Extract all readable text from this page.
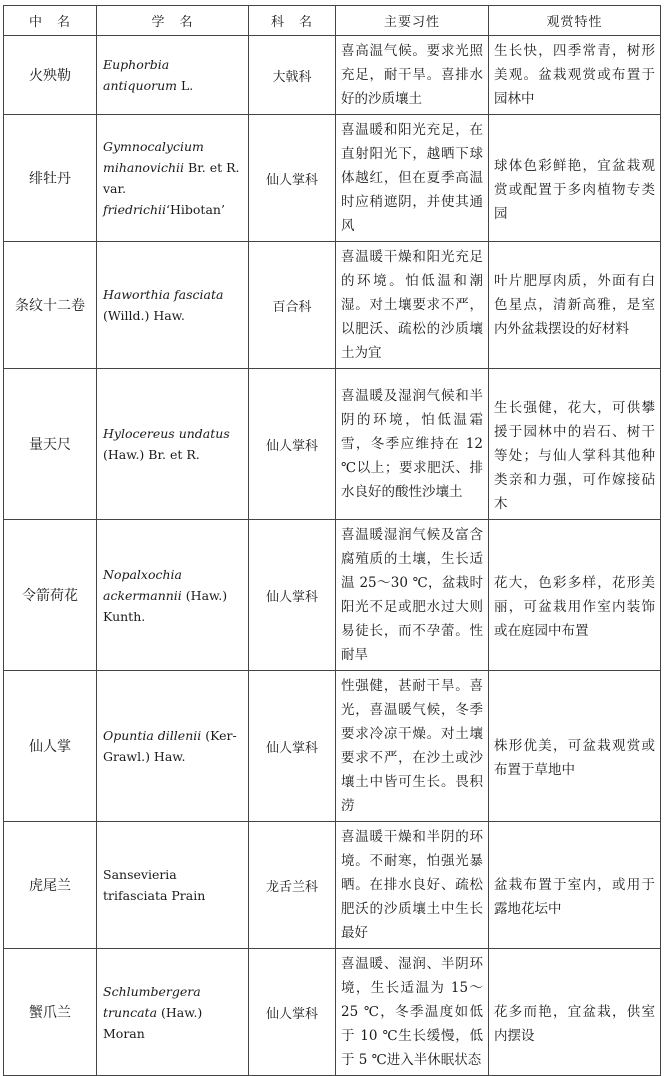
中　名	学　名	科　名	主要习性	观赏特性
火殃勒	Euphorbia antiquorum L.	大戟科	喜高温气候。要求光照充足，耐干旱。喜排水好的沙质壤土	生长快，四季常青，树形美观。盆栽观赏或布置于园林中
绯牡丹	Gymnocalycium mihanovichii Br. et R. var. friedrichii‘Hibotan’	仙人掌科	喜温暖和阳光充足，在直射阳光下，越晒下球体越红，但在夏季高温时应稍遮阴，并使其通风	球体色彩鲜艳，宜盆栽观赏或配置于多肉植物专类园

条纹十二卷	Haworthia fasciata (Willd.) Haw.	百合科	喜温暖干燥和阳光充足的环境。怕低温和潮湿。对土壤要求不严，以肥沃、疏松的沙质壤土为宜	叶片肥厚肉质，外面有白色星点，清新高雅，是室内外盆栽摆设的好材料
量天尺	Hylocereus undatus (Haw.) Br. et R.	仙人掌科	喜温暖及湿润气候和半阴的环境，怕低温霜雪，冬季应维持在 12 ℃以上；要求肥沃、排水良好的酸性沙壤土	生长强健，花大，可供攀援于园林中的岩石、树干等处；与仙人掌科其他种类亲和力强，可作嫁接砧木

令箭荷花	Nopalxochia ackermannii (Haw.) Kunth.	仙人掌科	喜温暖湿润气候及富含腐殖质的土壤，生长适温 25～30 ℃，盆栽时阳光不足或肥水过大则易徒长，而不孕蕾。性耐旱	花大，色彩多样，花形美丽，可盆栽用作室内装饰或在庭园中布置

仙人掌	Opuntia dillenii (Ker-Grawl.) Haw.	仙人掌科	性强健，甚耐干旱。喜光，喜温暖气候，冬季要求冷凉干燥。对土壤要求不严，在沙土或沙壤土中皆可生长。畏积涝	株形优美，可盆栽观赏或布置于草地中

虎尾兰	Sansevieria trifasciata Prain	龙舌兰科	喜温暖干燥和半阴的环境。不耐寒，怕强光暴晒。在排水良好、疏松肥沃的沙质壤土中生长最好	盆栽布置于室内，或用于露地花坛中

蟹爪兰	Schlumbergera truncata (Haw.) Moran	仙人掌科	喜温暖、湿润、半阴环境，生长适温为 15～25 ℃，冬季温度如低于 10 ℃生长缓慢，低于 5 ℃进入半休眠状态	花多而艳，宜盆栽，供室内摆设
